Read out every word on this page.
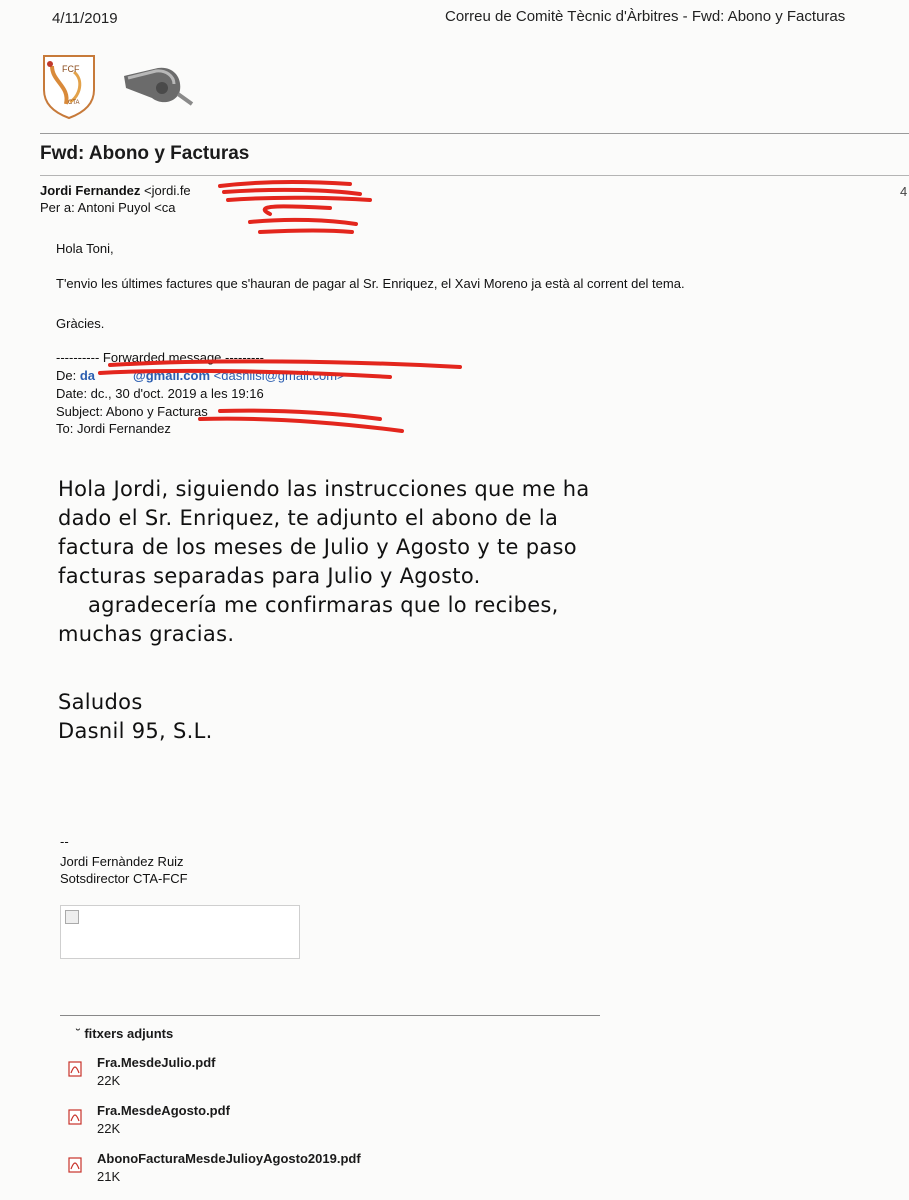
4/11/2019	Correu de Comitè Tècnic d'Àrbitres - Fwd: Abono y Facturas
FCF
CTA
Fwd: Abono y Facturas
Jordi Fernandez <jordi.fe
Per a: Antoni Puyol <ca
4
Hola Toni,
T'envio les últimes factures que s'hauran de pagar al Sr. Enriquez, el Xavi Moreno ja està al corrent del tema.
Gràcies.
---------- Forwarded message ---------
De: da	@gmail.com <dasnilsl@gmail.com>
Date: dc., 30 d'oct. 2019 a les 19:16
Subject: Abono y Facturas
To: Jordi Fernandez
Hola Jordi, siguiendo las instrucciones que me ha
dado el Sr. Enriquez, te adjunto el abono de la
factura de los meses de Julio y Agosto y te paso
facturas separadas para Julio y Agosto.
agradecería me confirmaras que lo recibes,
muchas gracias.
Saludos
Dasnil 95, S.L.
--
Jordi Fernàndez Ruiz
Sotsdirector CTA-FCF
˘ fitxers adjunts
Fra.MesdeJulio.pdf
22K
Fra.MesdeAgosto.pdf
22K
AbonoFacturaMesdeJulioyAgosto2019.pdf
21K
